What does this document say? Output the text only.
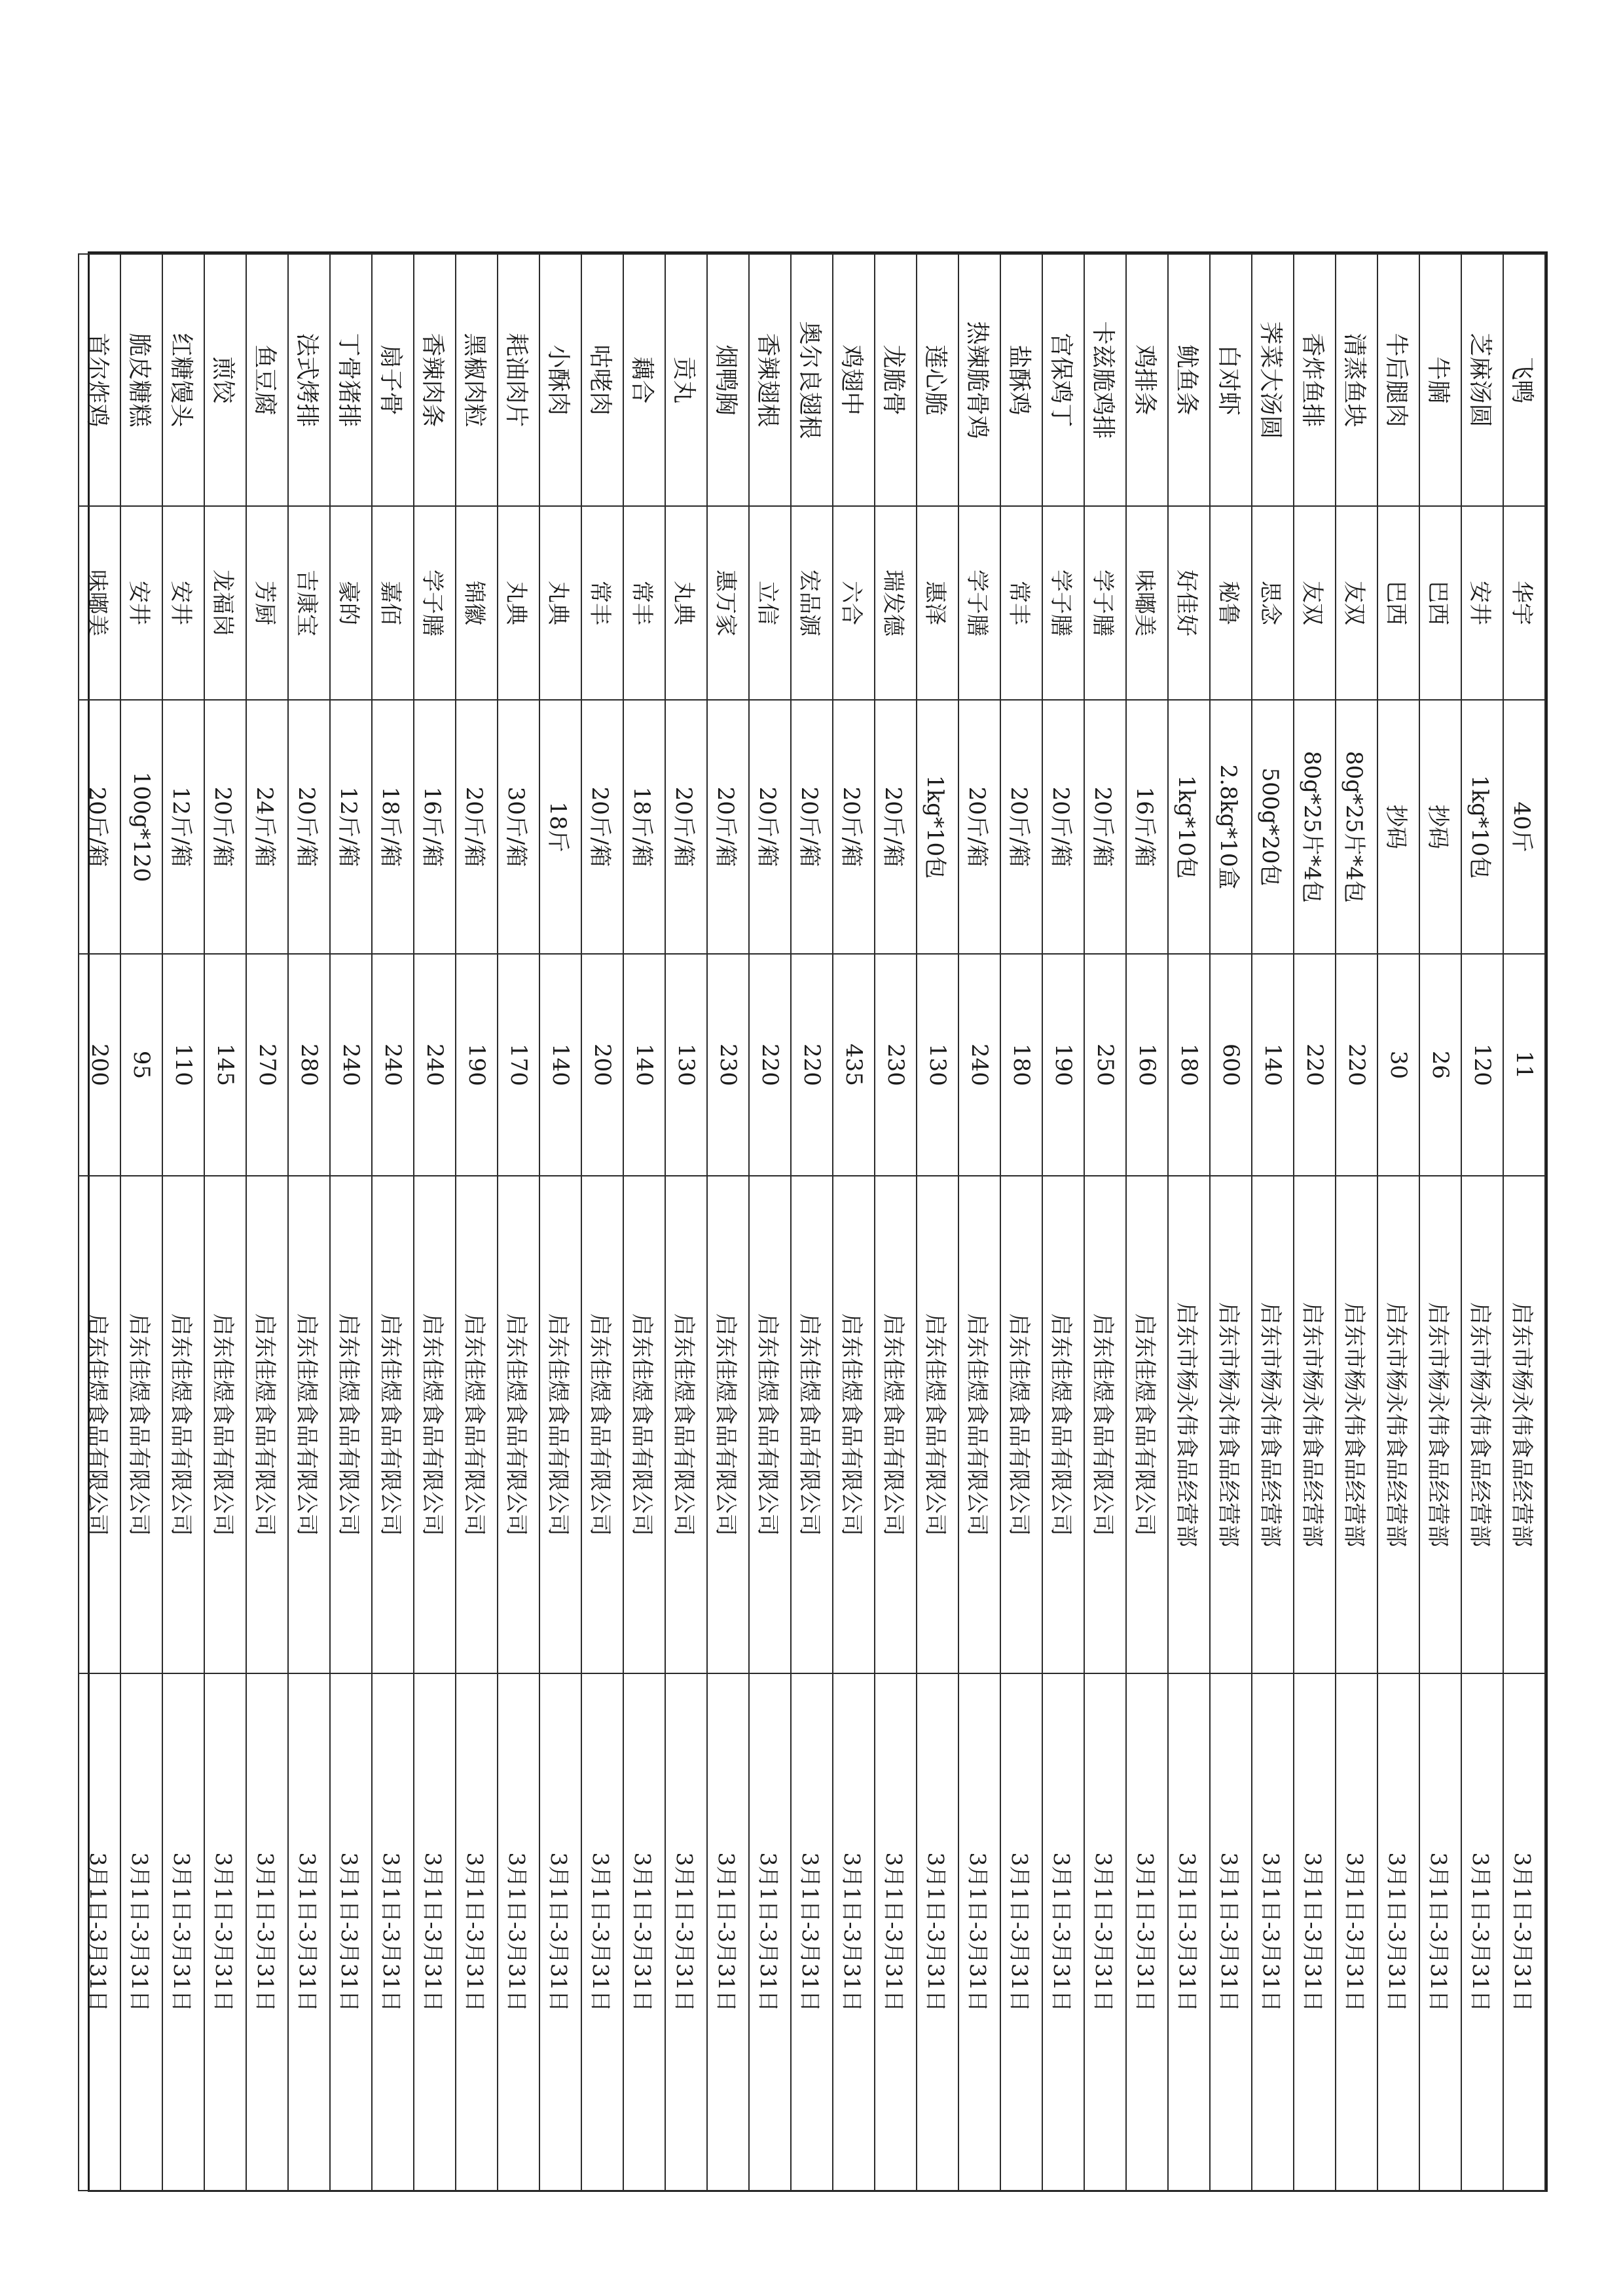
飞鸭	华宇	40斤	11	启东市杨永伟食品经营部	3月1日-3月31日
芝麻汤圆	安井	1kg*10包	120	启东市杨永伟食品经营部	3月1日-3月31日
牛腩	巴西	抄码	26	启东市杨永伟食品经营部	3月1日-3月31日
牛后腿肉	巴西	抄码	30	启东市杨永伟食品经营部	3月1日-3月31日
清蒸鱼块	友双	80g*25片*4包	220	启东市杨永伟食品经营部	3月1日-3月31日
香炸鱼排	友双	80g*25片*4包	220	启东市杨永伟食品经营部	3月1日-3月31日
荠菜大汤圆	思念	500g*20包	140	启东市杨永伟食品经营部	3月1日-3月31日
白对虾	秘鲁	2.8kg*10盒	600	启东市杨永伟食品经营部	3月1日-3月31日
鱿鱼条	好佳好	1kg*10包	180	启东市杨永伟食品经营部	3月1日-3月31日
鸡排条	味嘟美	16斤/箱	160	启东佳煜食品有限公司	3月1日-3月31日
卡兹脆鸡排	学子膳	20斤/箱	250	启东佳煜食品有限公司	3月1日-3月31日
宫保鸡丁	学子膳	20斤/箱	190	启东佳煜食品有限公司	3月1日-3月31日
盐酥鸡	常丰	20斤/箱	180	启东佳煜食品有限公司	3月1日-3月31日
热辣脆骨鸡	学子膳	20斤/箱	240	启东佳煜食品有限公司	3月1日-3月31日
莲心脆	惠泽	1kg*10包	130	启东佳煜食品有限公司	3月1日-3月31日
龙脆骨	瑞发德	20斤/箱	230	启东佳煜食品有限公司	3月1日-3月31日
鸡翅中	六合	20斤/箱	435	启东佳煜食品有限公司	3月1日-3月31日
奥尔良翅根	宏品源	20斤/箱	220	启东佳煜食品有限公司	3月1日-3月31日
香辣翅根	立信	20斤/箱	220	启东佳煜食品有限公司	3月1日-3月31日
烟鸭胸	惠万家	20斤/箱	230	启东佳煜食品有限公司	3月1日-3月31日
贡丸	丸典	20斤/箱	130	启东佳煜食品有限公司	3月1日-3月31日
藕合	常丰	18斤/箱	140	启东佳煜食品有限公司	3月1日-3月31日
咕咾肉	常丰	20斤/箱	200	启东佳煜食品有限公司	3月1日-3月31日
小酥肉	丸典	18斤	140	启东佳煜食品有限公司	3月1日-3月31日
耗油肉片	丸典	30斤/箱	170	启东佳煜食品有限公司	3月1日-3月31日
黑椒肉粒	锦徽	20斤/箱	190	启东佳煜食品有限公司	3月1日-3月31日
香辣肉条	学子膳	16斤/箱	240	启东佳煜食品有限公司	3月1日-3月31日
扇子骨	嘉佰	18斤/箱	240	启东佳煜食品有限公司	3月1日-3月31日
丁骨猪排	豪的	12斤/箱	240	启东佳煜食品有限公司	3月1日-3月31日
法式烤排	吉康宝	20斤/箱	280	启东佳煜食品有限公司	3月1日-3月31日
鱼豆腐	芳厨	24斤/箱	270	启东佳煜食品有限公司	3月1日-3月31日
煎饺	龙福岗	20斤/箱	145	启东佳煜食品有限公司	3月1日-3月31日
红糖馒头	安井	12斤/箱	110	启东佳煜食品有限公司	3月1日-3月31日
脆皮糖糕	安井	100g*120	95	启东佳煜食品有限公司	3月1日-3月31日
首尔炸鸡	味嘟美	20斤/箱	200	启东佳煜食品有限公司	3月1日-3月31日
